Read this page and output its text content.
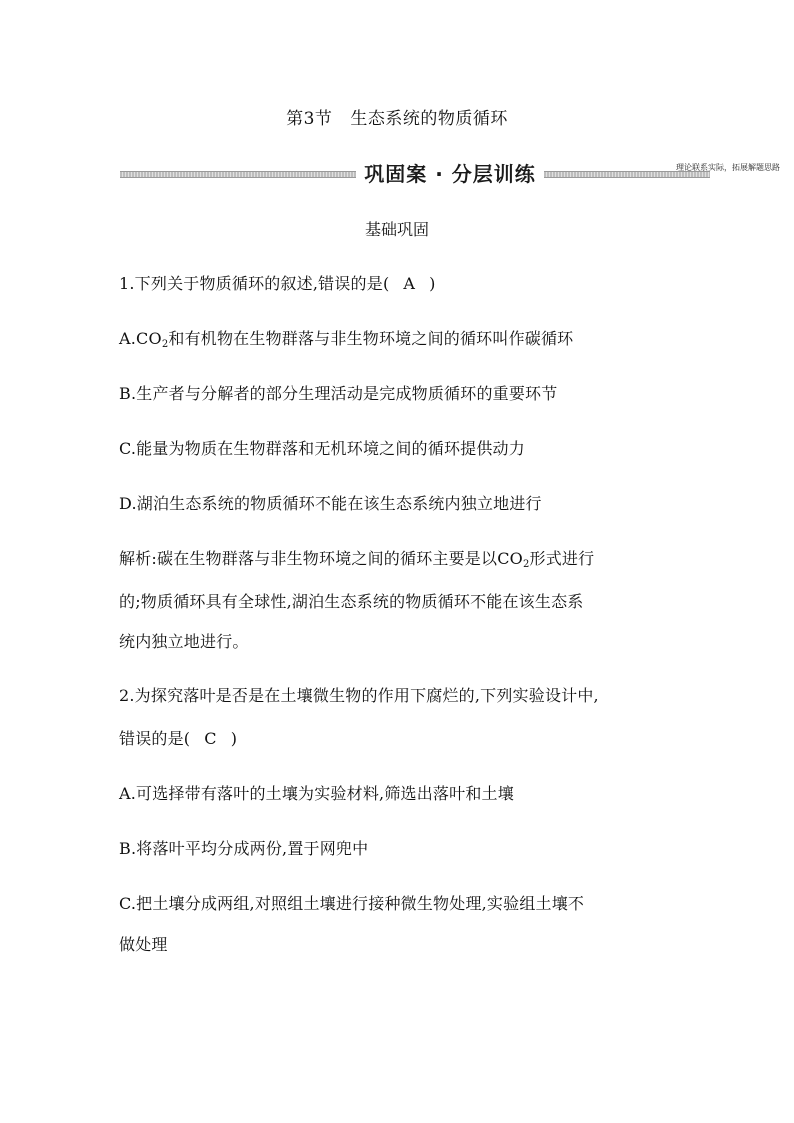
第3节 生态系统的物质循环
巩固案 · 分层训练	理论联系实际，拓展解题思路
基础巩固
1.下列关于物质循环的叙述,错误的是( A )
$A.CO_2$和有机物在生物群落与非生物环境之间的循环叫作碳循环
B.生产者与分解者的部分生理活动是完成物质循环的重要环节
C.能量为物质在生物群落和无机环境之间的循环提供动力
D.湖泊生态系统的物质循环不能在该生态系统内独立地进行
解析:碳在生物群落与非生物环境之间的循环主要是以$CO_2$形式进行
的;物质循环具有全球性,湖泊生态系统的物质循环不能在该生态系
统内独立地进行。
2.为探究落叶是否是在土壤微生物的作用下腐烂的,下列实验设计中,
错误的是( C )
A.可选择带有落叶的土壤为实验材料,筛选出落叶和土壤
B.将落叶平均分成两份,置于网兜中
C.把土壤分成两组,对照组土壤进行接种微生物处理,实验组土壤不
做处理
